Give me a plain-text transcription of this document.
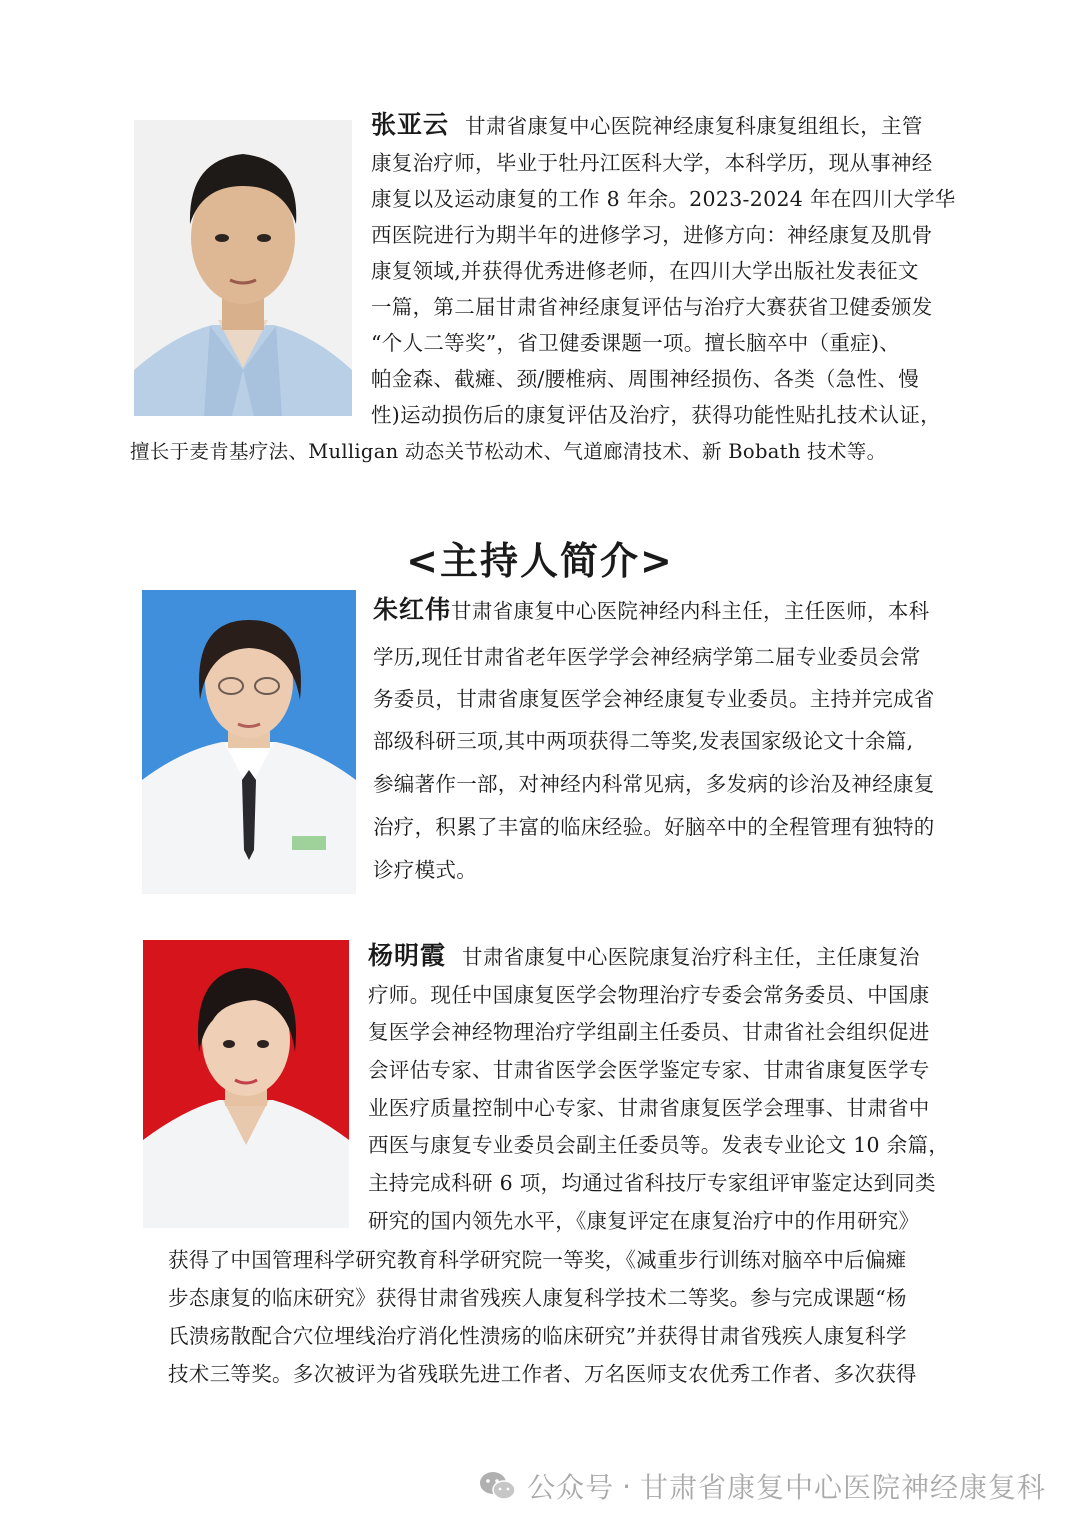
张亚云 甘肃省康复中心医院神经康复科康复组组长，主管
康复治疗师，毕业于牡丹江医科大学，本科学历，现从事神经
康复以及运动康复的工作 8 年余。2023-2024 年在四川大学华
西医院进行为期半年的进修学习，进修方向：神经康复及肌骨
康复领域,并获得优秀进修老师，在四川大学出版社发表征文
一篇，第二届甘肃省神经康复评估与治疗大赛获省卫健委颁发
“个人二等奖”，省卫健委课题一项。擅长脑卒中（重症)、
帕金森、截瘫、颈/腰椎病、周围神经损伤、各类（急性、慢
性)运动损伤后的康复评估及治疗，获得功能性贴扎技术认证，
擅长于麦肯基疗法、Mulligan 动态关节松动术、气道廊清技术、新 Bobath 技术等。
<主持人简介>
朱红伟甘肃省康复中心医院神经内科主任，主任医师，本科
学历,现任甘肃省老年医学学会神经病学第二届专业委员会常
务委员，甘肃省康复医学会神经康复专业委员。主持并完成省
部级科研三项,其中两项获得二等奖,发表国家级论文十余篇,
参编著作一部，对神经内科常见病，多发病的诊治及神经康复
治疗，积累了丰富的临床经验。好脑卒中的全程管理有独特的
诊疗模式。
杨明霞 甘肃省康复中心医院康复治疗科主任，主任康复治
疗师。现任中国康复医学会物理治疗专委会常务委员、中国康
复医学会神经物理治疗学组副主任委员、甘肃省社会组织促进
会评估专家、甘肃省医学会医学鉴定专家、甘肃省康复医学专
业医疗质量控制中心专家、甘肃省康复医学会理事、甘肃省中
西医与康复专业委员会副主任委员等。发表专业论文 10 余篇，
主持完成科研 6 项，均通过省科技厅专家组评审鉴定达到同类
研究的国内领先水平，《康复评定在康复治疗中的作用研究》
获得了中国管理科学研究教育科学研究院一等奖，《减重步行训练对脑卒中后偏瘫
步态康复的临床研究》获得甘肃省残疾人康复科学技术二等奖。参与完成课题“杨
氏溃疡散配合穴位埋线治疗消化性溃疡的临床研究”并获得甘肃省残疾人康复科学
技术三等奖。多次被评为省残联先进工作者、万名医师支农优秀工作者、多次获得
公众号 · 甘肃省康复中心医院神经康复科
